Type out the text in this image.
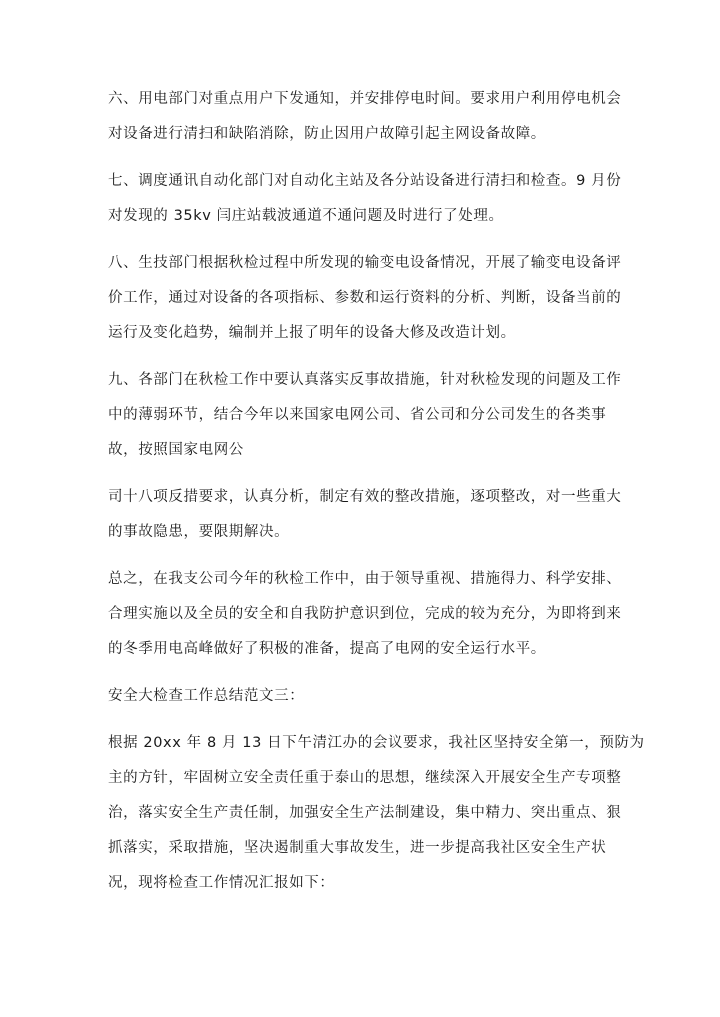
六、用电部门对重点用户下发通知，并安排停电时间。要求用户利用停电机会
对设备进行清扫和缺陷消除，防止因用户故障引起主网设备故障。
七、调度通讯自动化部门对自动化主站及各分站设备进行清扫和检查。9 月份
对发现的 35kv 闫庄站载波通道不通问题及时进行了处理。
八、生技部门根据秋检过程中所发现的输变电设备情况，开展了输变电设备评
价工作，通过对设备的各项指标、参数和运行资料的分析、判断，设备当前的
运行及变化趋势，编制并上报了明年的设备大修及改造计划。
九、各部门在秋检工作中要认真落实反事故措施，针对秋检发现的问题及工作
中的薄弱环节，结合今年以来国家电网公司、省公司和分公司发生的各类事
故，按照国家电网公
司十八项反措要求，认真分析，制定有效的整改措施，逐项整改，对一些重大
的事故隐患，要限期解决。
总之，在我支公司今年的秋检工作中，由于领导重视、措施得力、科学安排、
合理实施以及全员的安全和自我防护意识到位，完成的较为充分，为即将到来
的冬季用电高峰做好了积极的准备，提高了电网的安全运行水平。
安全大检查工作总结范文三：
根据 20xx 年 8 月 13 日下午清江办的会议要求，我社区坚持安全第一，预防为
主的方针，牢固树立安全责任重于泰山的思想，继续深入开展安全生产专项整
治，落实安全生产责任制，加强安全生产法制建设，集中精力、突出重点、狠
抓落实，采取措施，坚决遏制重大事故发生，进一步提高我社区安全生产状
况，现将检查工作情况汇报如下：
